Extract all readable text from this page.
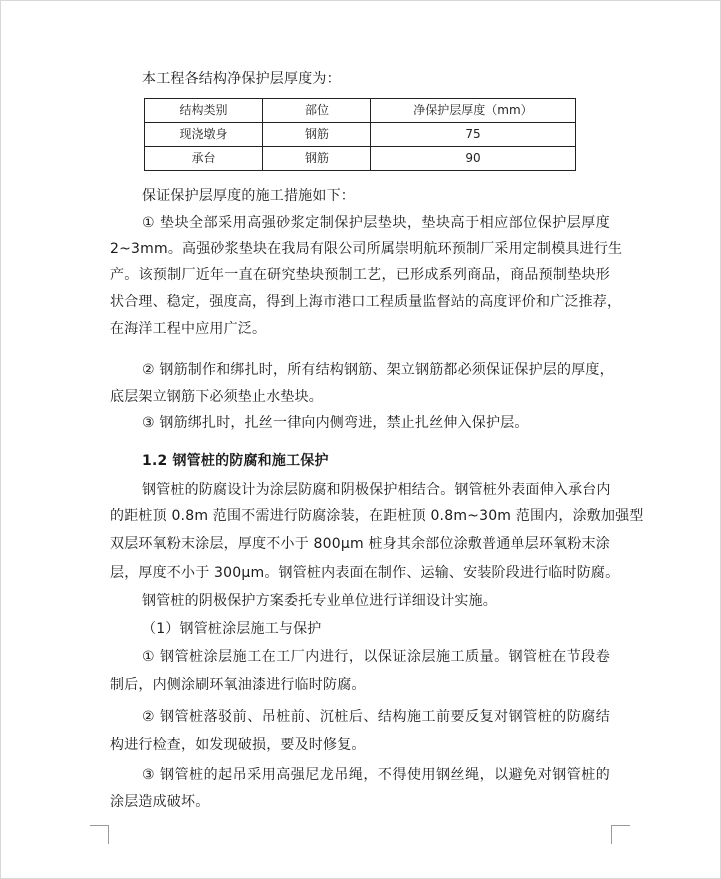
本工程各结构净保护层厚度为：
结构类别	部位	净保护层厚度（mm）
现浇墩身	钢筋	75
承台	钢筋	90
保证保护层厚度的施工措施如下：
① 垫块全部采用高强砂浆定制保护层垫块，垫块高于相应部位保护层厚度
2~3mm。高强砂浆垫块在我局有限公司所属崇明航环预制厂采用定制模具进行生
产。该预制厂近年一直在研究垫块预制工艺，已形成系列商品，商品预制垫块形
状合理、稳定，强度高，得到上海市港口工程质量监督站的高度评价和广泛推荐，
在海洋工程中应用广泛。
② 钢筋制作和绑扎时，所有结构钢筋、架立钢筋都必须保证保护层的厚度，
底层架立钢筋下必须垫止水垫块。
③ 钢筋绑扎时，扎丝一律向内侧弯进，禁止扎丝伸入保护层。
1.2 钢管桩的防腐和施工保护
钢管桩的防腐设计为涂层防腐和阴极保护相结合。钢管桩外表面伸入承台内
的距桩顶 0.8m 范围不需进行防腐涂装，在距桩顶 0.8m~30m 范围内，涂敷加强型
双层环氧粉末涂层，厚度不小于 800μm 桩身其余部位涂敷普通单层环氧粉末涂
层，厚度不小于 300μm。钢管桩内表面在制作、运输、安装阶段进行临时防腐。
钢管桩的阴极保护方案委托专业单位进行详细设计实施。
（1）钢管桩涂层施工与保护
① 钢管桩涂层施工在工厂内进行，以保证涂层施工质量。钢管桩在节段卷
制后，内侧涂刷环氧油漆进行临时防腐。
② 钢管桩落驳前、吊桩前、沉桩后、结构施工前要反复对钢管桩的防腐结
构进行检查，如发现破损，要及时修复。
③ 钢管桩的起吊采用高强尼龙吊绳，不得使用钢丝绳，以避免对钢管桩的
涂层造成破坏。
